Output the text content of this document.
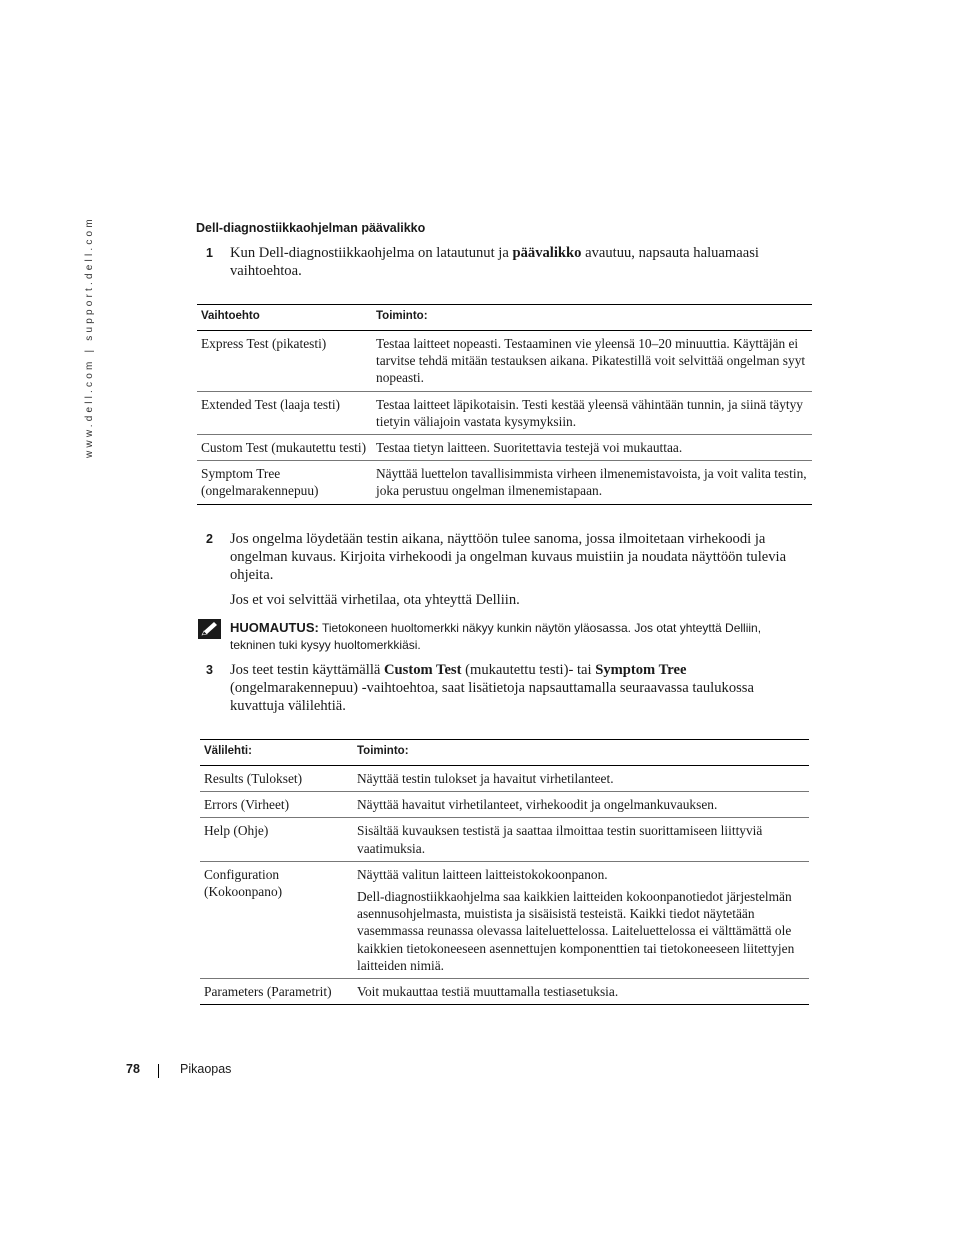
www.dell.com | support.dell.com	Dell-diagnostiikkaohjelman päävalikko
1 Kun Dell-diagnostiikkaohjelma on latautunut ja päävalikko avautuu, napsauta haluamaasi vaihtoehtoa.
Vaihtoehto	Toiminto:
Express Test (pikatesti)	Testaa laitteet nopeasti. Testaaminen vie yleensä 10–20 minuuttia. Käyttäjän ei tarvitse tehdä mitään testauksen aikana. Pikatestillä voit selvittää ongelman syyt nopeasti.
Extended Test (laaja testi)	Testaa laitteet läpikotaisin. Testi kestää yleensä vähintään tunnin, ja siinä täytyy tietyin väliajoin vastata kysymyksiin.
Custom Test (mukautettu testi)	Testaa tietyn laitteen. Suoritettavia testejä voi mukauttaa.
Symptom Tree (ongelmarakennepuu)	Näyttää luettelon tavallisimmista virheen ilmenemistavoista, ja voit valita testin, joka perustuu ongelman ilmenemistapaan.
2 Jos ongelma löydetään testin aikana, näyttöön tulee sanoma, jossa ilmoitetaan virhekoodi ja ongelman kuvaus. Kirjoita virhekoodi ja ongelman kuvaus muistiin ja noudata näyttöön tulevia ohjeita.
Jos et voi selvittää virhetilaa, ota yhteyttä Delliin.
HUOMAUTUS: Tietokoneen huoltomerkki näkyy kunkin näytön yläosassa. Jos otat yhteyttä Delliin, tekninen tuki kysyy huoltomerkkiäsi.
3 Jos teet testin käyttämällä Custom Test (mukautettu testi)- tai Symptom Tree (ongelmarakennepuu) -vaihtoehtoa, saat lisätietoja napsauttamalla seuraavassa taulukossa kuvattuja välilehtiä.
Välilehti:	Toiminto:
Results (Tulokset)	Näyttää testin tulokset ja havaitut virhetilanteet.

Errors (Virheet)	Näyttää havaitut virhetilanteet, virhekoodit ja ongelmankuvauksen.

Help (Ohje)	Sisältää kuvauksen testistä ja saattaa ilmoittaa testin suorittamiseen liittyviä vaatimuksia.

Configuration (Kokoonpano)	Näyttää valitun laitteen laitteistokokoonpanon.

Dell-diagnostiikkaohjelma saa kaikkien laitteiden kokoonpanotiedot järjestelmän asennusohjelmasta, muistista ja sisäisistä testeistä. Kaikki tiedot näytetään vasemmassa reunassa olevassa laiteluettelossa. Laiteluettelossa ei välttämättä ole kaikkien tietokoneeseen asennettujen komponenttien tai tietokoneeseen liitettyjen laitteiden nimiä.

Parameters (Parametrit)	Voit mukauttaa testiä muuttamalla testiasetuksia.

78	Pikaopas
